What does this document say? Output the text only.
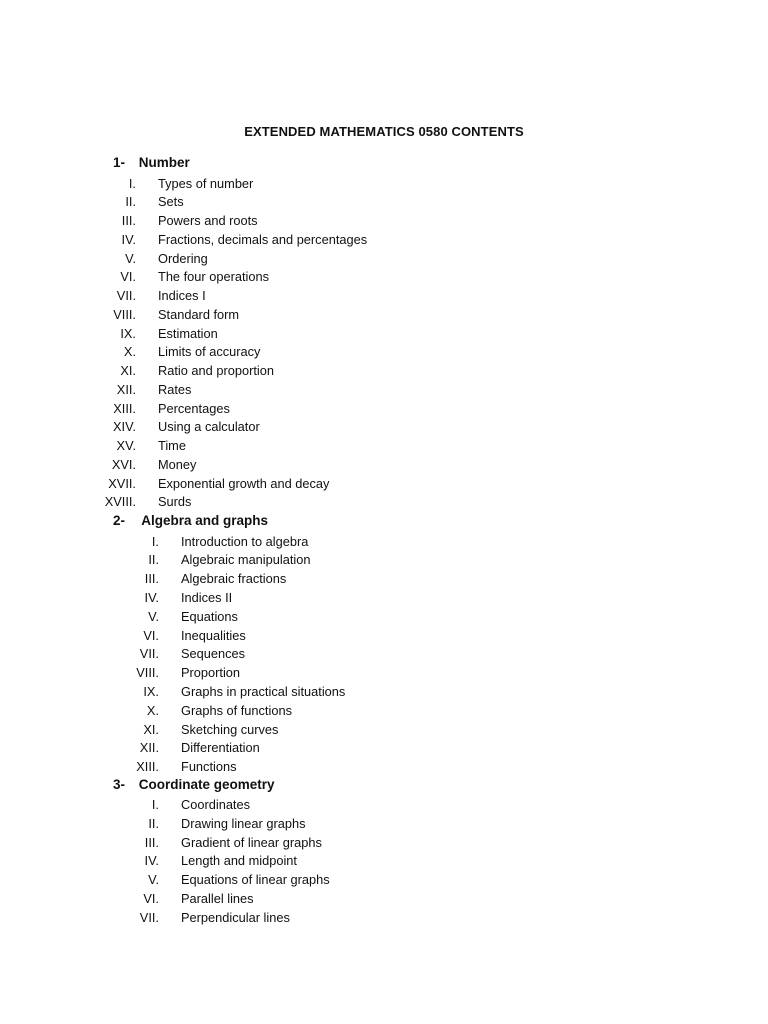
EXTENDED MATHEMATICS 0580 CONTENTS
1- Number
I. Types of number
II. Sets
III. Powers and roots
IV. Fractions, decimals and percentages
V. Ordering
VI. The four operations
VII. Indices I
VIII. Standard form
IX. Estimation
X. Limits of accuracy
XI. Ratio and proportion
XII. Rates
XIII. Percentages
XIV. Using a calculator
XV. Time
XVI. Money
XVII. Exponential growth and decay
XVIII. Surds
2- Algebra and graphs
I. Introduction to algebra
II. Algebraic manipulation
III. Algebraic fractions
IV. Indices II
V. Equations
VI. Inequalities
VII. Sequences
VIII. Proportion
IX. Graphs in practical situations
X. Graphs of functions
XI. Sketching curves
XII. Differentiation
XIII. Functions
3- Coordinate geometry
I. Coordinates
II. Drawing linear graphs
III. Gradient of linear graphs
IV. Length and midpoint
V. Equations of linear graphs
VI. Parallel lines
VII. Perpendicular lines
